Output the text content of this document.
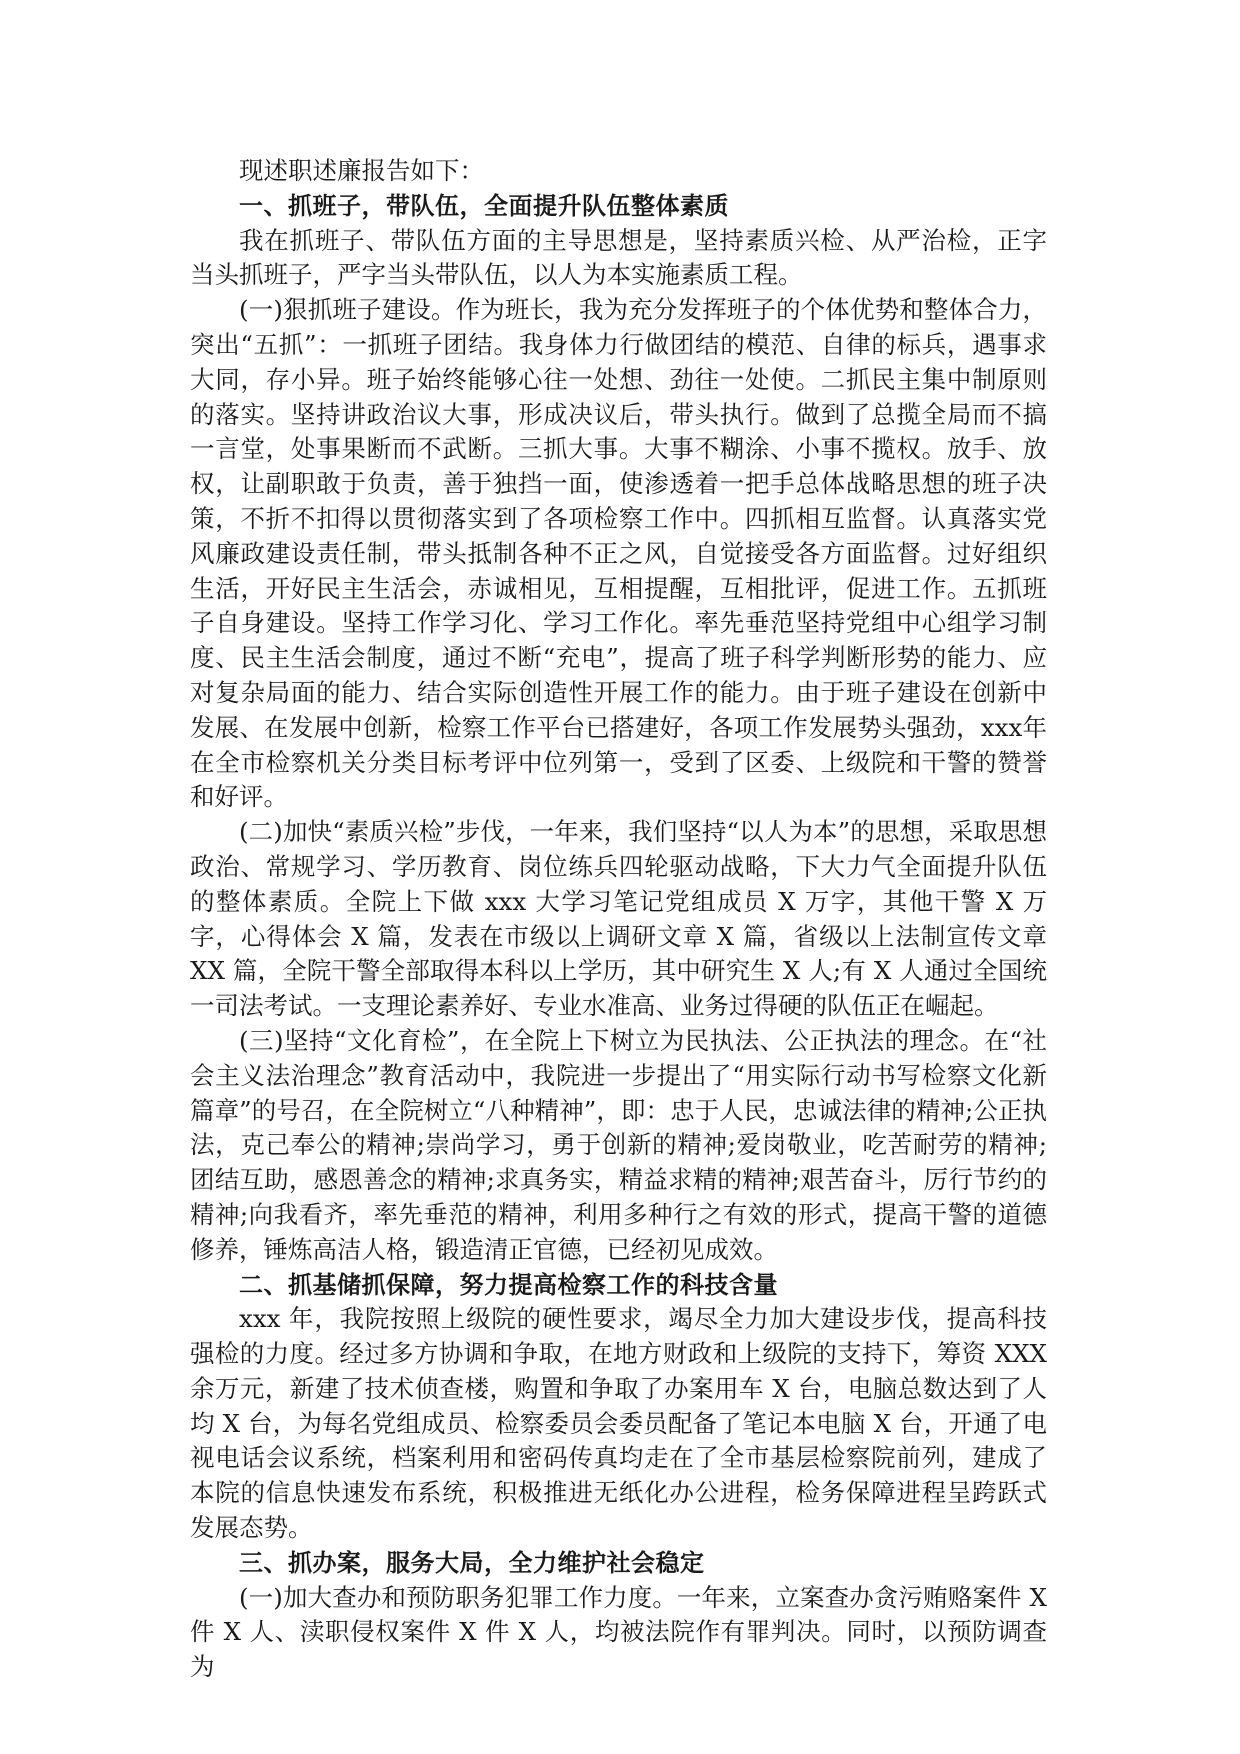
现述职述廉报告如下：

一、抓班子，带队伍，全面提升队伍整体素质

我在抓班子、带队伍方面的主导思想是，坚持素质兴检、从严治检，正字当头抓班子，严字当头带队伍，以人为本实施素质工程。

(一)狠抓班子建设。作为班长，我为充分发挥班子的个体优势和整体合力，突出“五抓”：一抓班子团结。我身体力行做团结的模范、自律的标兵，遇事求大同，存小异。班子始终能够心往一处想、劲往一处使。二抓民主集中制原则的落实。坚持讲政治议大事，形成决议后，带头执行。做到了总揽全局而不搞一言堂，处事果断而不武断。三抓大事。大事不糊涂、小事不揽权。放手、放权，让副职敢于负责，善于独挡一面，使渗透着一把手总体战略思想的班子决策，不折不扣得以贯彻落实到了各项检察工作中。四抓相互监督。认真落实党风廉政建设责任制，带头抵制各种不正之风，自觉接受各方面监督。过好组织生活，开好民主生活会，赤诚相见，互相提醒，互相批评，促进工作。五抓班子自身建设。坚持工作学习化、学习工作化。率先垂范坚持党组中心组学习制度、民主生活会制度，通过不断“充电”，提高了班子科学判断形势的能力、应对复杂局面的能力、结合实际创造性开展工作的能力。由于班子建设在创新中发展、在发展中创新，检察工作平台已搭建好，各项工作发展势头强劲，xxx年在全市检察机关分类目标考评中位列第一，受到了区委、上级院和干警的赞誉和好评。

(二)加快“素质兴检”步伐，一年来，我们坚持“以人为本”的思想，采取思想政治、常规学习、学历教育、岗位练兵四轮驱动战略，下大力气全面提升队伍的整体素质。全院上下做 xxx 大学习笔记党组成员 X 万字，其他干警 X 万字，心得体会 X 篇，发表在市级以上调研文章 X 篇，省级以上法制宣传文章 XX 篇，全院干警全部取得本科以上学历，其中研究生 X 人;有 X 人通过全国统一司法考试。一支理论素养好、专业水准高、业务过得硬的队伍正在崛起。

(三)坚持“文化育检”，在全院上下树立为民执法、公正执法的理念。在“社会主义法治理念”教育活动中，我院进一步提出了“用实际行动书写检察文化新篇章”的号召，在全院树立“八种精神”，即：忠于人民，忠诚法律的精神;公正执法，克己奉公的精神;崇尚学习，勇于创新的精神;爱岗敬业，吃苦耐劳的精神;团结互助，感恩善念的精神;求真务实，精益求精的精神;艰苦奋斗，厉行节约的精神;向我看齐，率先垂范的精神，利用多种行之有效的形式，提高干警的道德修养，锤炼高洁人格，锻造清正官德，已经初见成效。

二、抓基储抓保障，努力提高检察工作的科技含量

xxx 年，我院按照上级院的硬性要求，竭尽全力加大建设步伐，提高科技强检的力度。经过多方协调和争取，在地方财政和上级院的支持下，筹资 XXX 余万元，新建了技术侦查楼，购置和争取了办案用车 X 台，电脑总数达到了人均 X 台，为每名党组成员、检察委员会委员配备了笔记本电脑 X 台，开通了电视电话会议系统，档案利用和密码传真均走在了全市基层检察院前列，建成了本院的信息快速发布系统，积极推进无纸化办公进程，检务保障进程呈跨跃式发展态势。

三、抓办案，服务大局，全力维护社会稳定

(一)加大查办和预防职务犯罪工作力度。一年来，立案查办贪污贿赂案件 X 件 X 人、渎职侵权案件 X 件 X 人，均被法院作有罪判决。同时，以预防调查为
